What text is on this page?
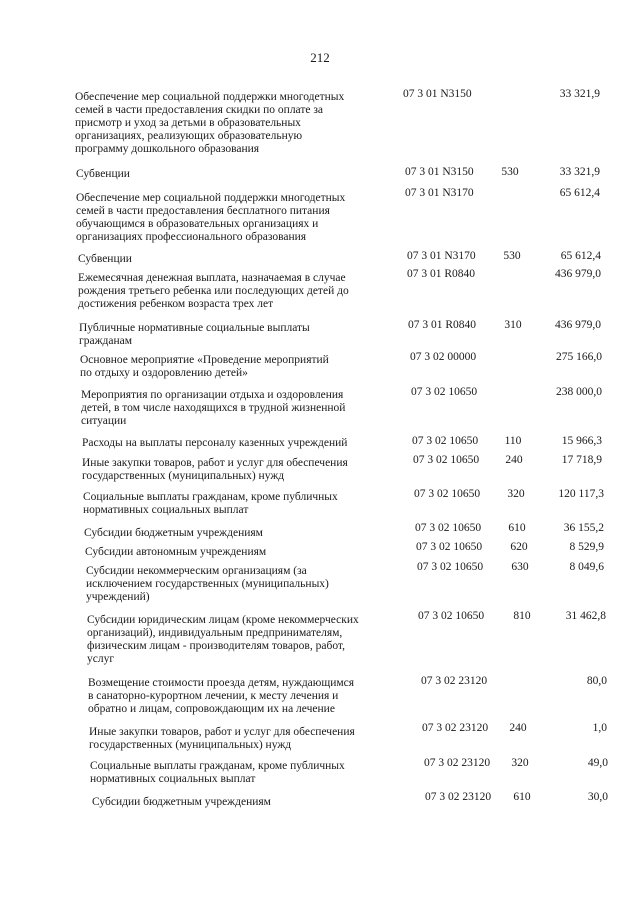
212
Обеспечение мер социальной поддержки многодетных
семей в части предоставления скидки по оплате за
присмотр и уход за детьми в образовательных
организациях, реализующих образовательную
программу дошкольного образования
07 3 01 N3150	33 321,9
Субвенции	07 3 01 N3150	530	33 321,9
Обеспечение мер социальной поддержки многодетных
семей в части предоставления бесплатного питания
обучающимся в образовательных организациях и
организациях профессионального образования
07 3 01 N3170	65 612,4
Субвенции	07 3 01 N3170	530	65 612,4
Ежемесячная денежная выплата, назначаемая в случае
рождения третьего ребенка или последующих детей до
достижения ребенком возраста трех лет
07 3 01 R0840	436 979,0
Публичные нормативные социальные выплаты
гражданам
07 3 01 R0840	310	436 979,0
Основное мероприятие «Проведение мероприятий
по отдыху и оздоровлению детей»
07 3 02 00000	275 166,0
Мероприятия по организации отдыха и оздоровления
детей, в том числе находящихся в трудной жизненной
ситуации
07 3 02 10650	238 000,0
Расходы на выплаты персоналу казенных учреждений	07 3 02 10650	110	15 966,3
Иные закупки товаров, работ и услуг для обеспечения
государственных (муниципальных) нужд
07 3 02 10650	240	17 718,9
Социальные выплаты гражданам, кроме публичных
нормативных социальных выплат
07 3 02 10650	320	120 117,3
Субсидии бюджетным учреждениям	07 3 02 10650	610	36 155,2
Субсидии автономным учреждениям	07 3 02 10650	620	8 529,9
Субсидии некоммерческим организациям (за
исключением государственных (муниципальных)
учреждений)
07 3 02 10650	630	8 049,6
Субсидии юридическим лицам (кроме некоммерческих
организаций), индивидуальным предпринимателям,
физическим лицам - производителям товаров, работ,
услуг
07 3 02 10650	810	31 462,8
Возмещение стоимости проезда детям, нуждающимся
в санаторно-курортном лечении, к месту лечения и
обратно и лицам, сопровождающим их на лечение
07 3 02 23120	80,0
Иные закупки товаров, работ и услуг для обеспечения
государственных (муниципальных) нужд
07 3 02 23120	240	1,0
Социальные выплаты гражданам, кроме публичных
нормативных социальных выплат
07 3 02 23120	320	49,0
Субсидии бюджетным учреждениям	07 3 02 23120	610	30,0
